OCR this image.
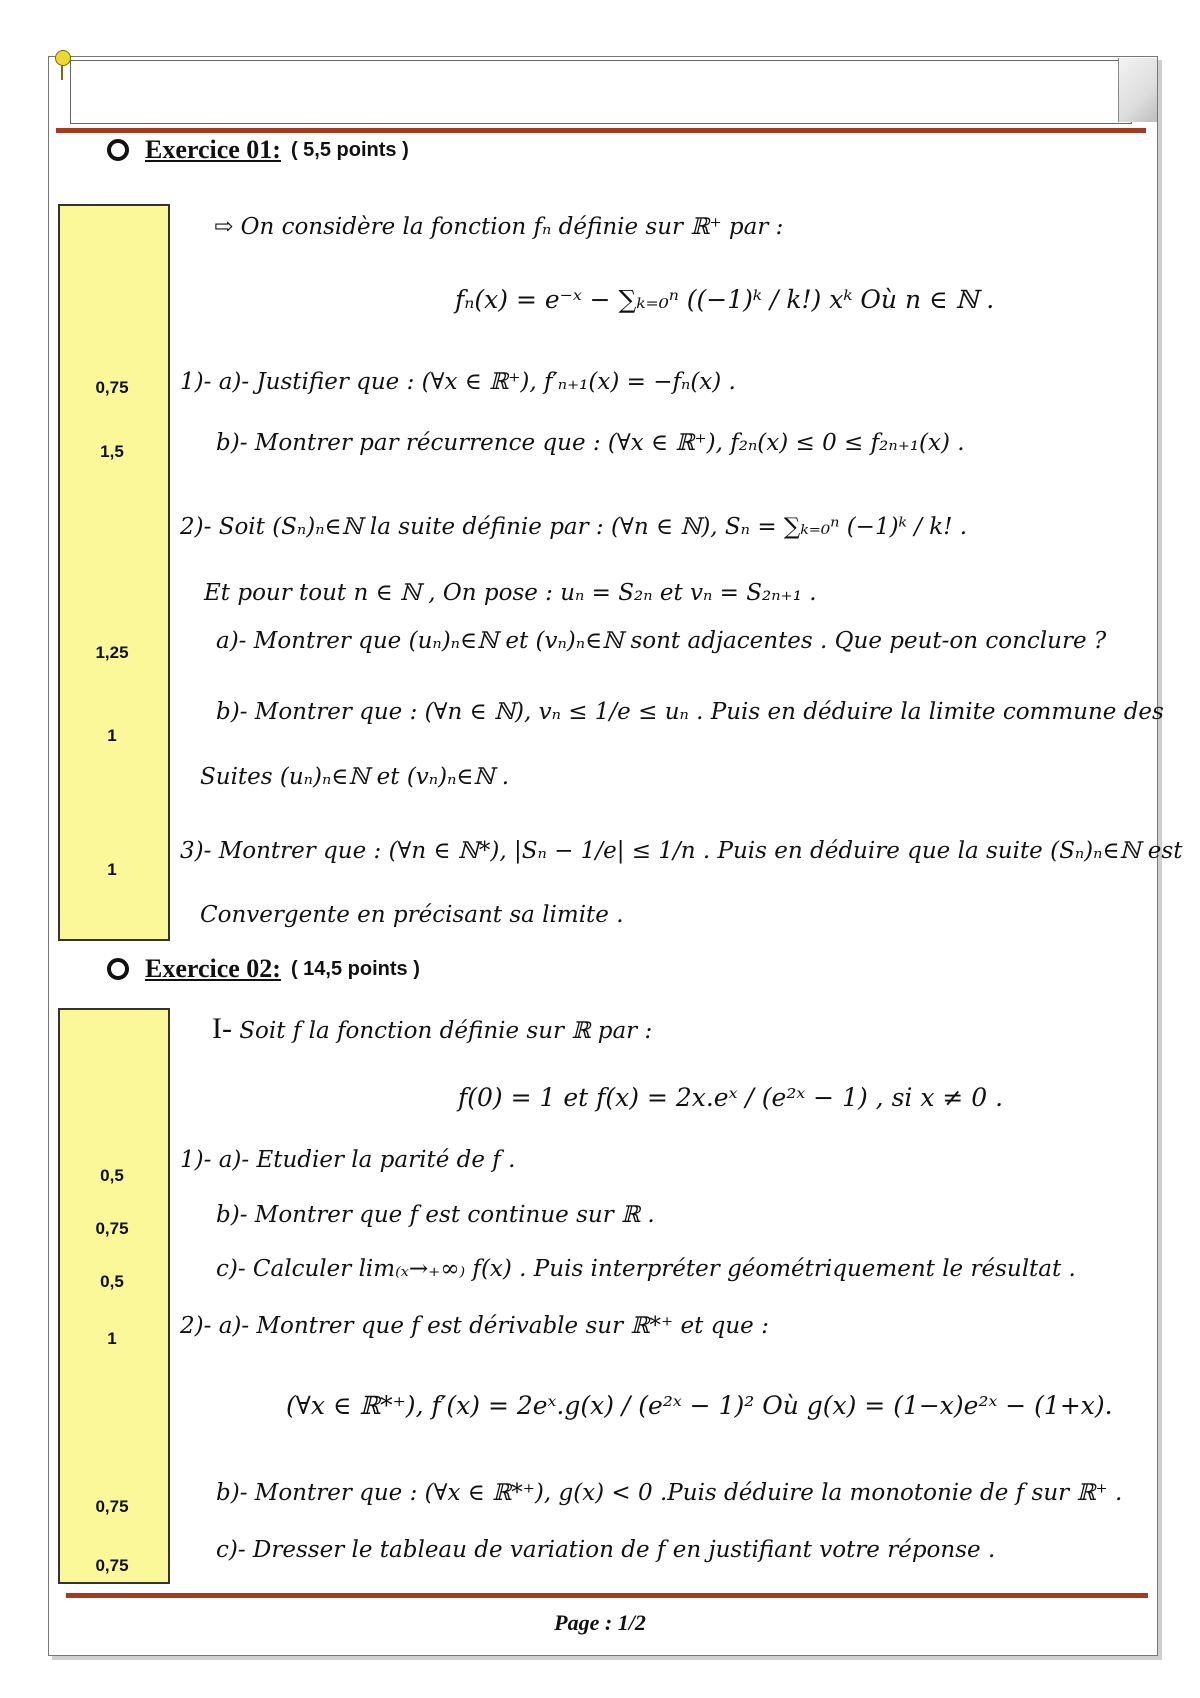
Exercice 01: ( 5,5 points )
0,75
1,5
1,25
1
1
⇨ On considère la fonction fₙ définie sur ℝ⁺ par :
fₙ(x) = e⁻ˣ − ∑ₖ₌₀ⁿ ((−1)ᵏ / k!) xᵏ Où n ∈ ℕ .
1)- a)- Justifier que : (∀x ∈ ℝ⁺), f′ₙ₊₁(x) = −fₙ(x) .
b)- Montrer par récurrence que : (∀x ∈ ℝ⁺), f₂ₙ(x) ≤ 0 ≤ f₂ₙ₊₁(x) .
2)- Soit (Sₙ)ₙ∈ℕ la suite définie par : (∀n ∈ ℕ), Sₙ = ∑ₖ₌₀ⁿ (−1)ᵏ / k! .
Et pour tout n ∈ ℕ , On pose : uₙ = S₂ₙ et vₙ = S₂ₙ₊₁ .
a)- Montrer que (uₙ)ₙ∈ℕ et (vₙ)ₙ∈ℕ sont adjacentes . Que peut-on conclure ?
b)- Montrer que : (∀n ∈ ℕ), vₙ ≤ 1/e ≤ uₙ . Puis en déduire la limite commune des
Suites (uₙ)ₙ∈ℕ et (vₙ)ₙ∈ℕ .
3)- Montrer que : (∀n ∈ ℕ*), |Sₙ − 1/e| ≤ 1/n . Puis en déduire que la suite (Sₙ)ₙ∈ℕ est
Convergente en précisant sa limite .
Exercice 02: ( 14,5 points )
0,5
0,75
0,5
1
0,75
0,75
I- Soit f la fonction définie sur ℝ par :
f(0) = 1 et f(x) = 2x.eˣ / (e²ˣ − 1) , si x ≠ 0 .
1)- a)- Etudier la parité de f .
b)- Montrer que f est continue sur ℝ .
c)- Calculer lim₍ₓ→₊∞₎ f(x) . Puis interpréter géométriquement le résultat .
2)- a)- Montrer que f est dérivable sur ℝ*⁺ et que :
(∀x ∈ ℝ*⁺), f′(x) = 2eˣ.g(x) / (e²ˣ − 1)² Où g(x) = (1−x)e²ˣ − (1+x).
b)- Montrer que : (∀x ∈ ℝ*⁺), g(x) < 0 .Puis déduire la monotonie de f sur ℝ⁺ .
c)- Dresser le tableau de variation de f en justifiant votre réponse .
Page : 1/2
